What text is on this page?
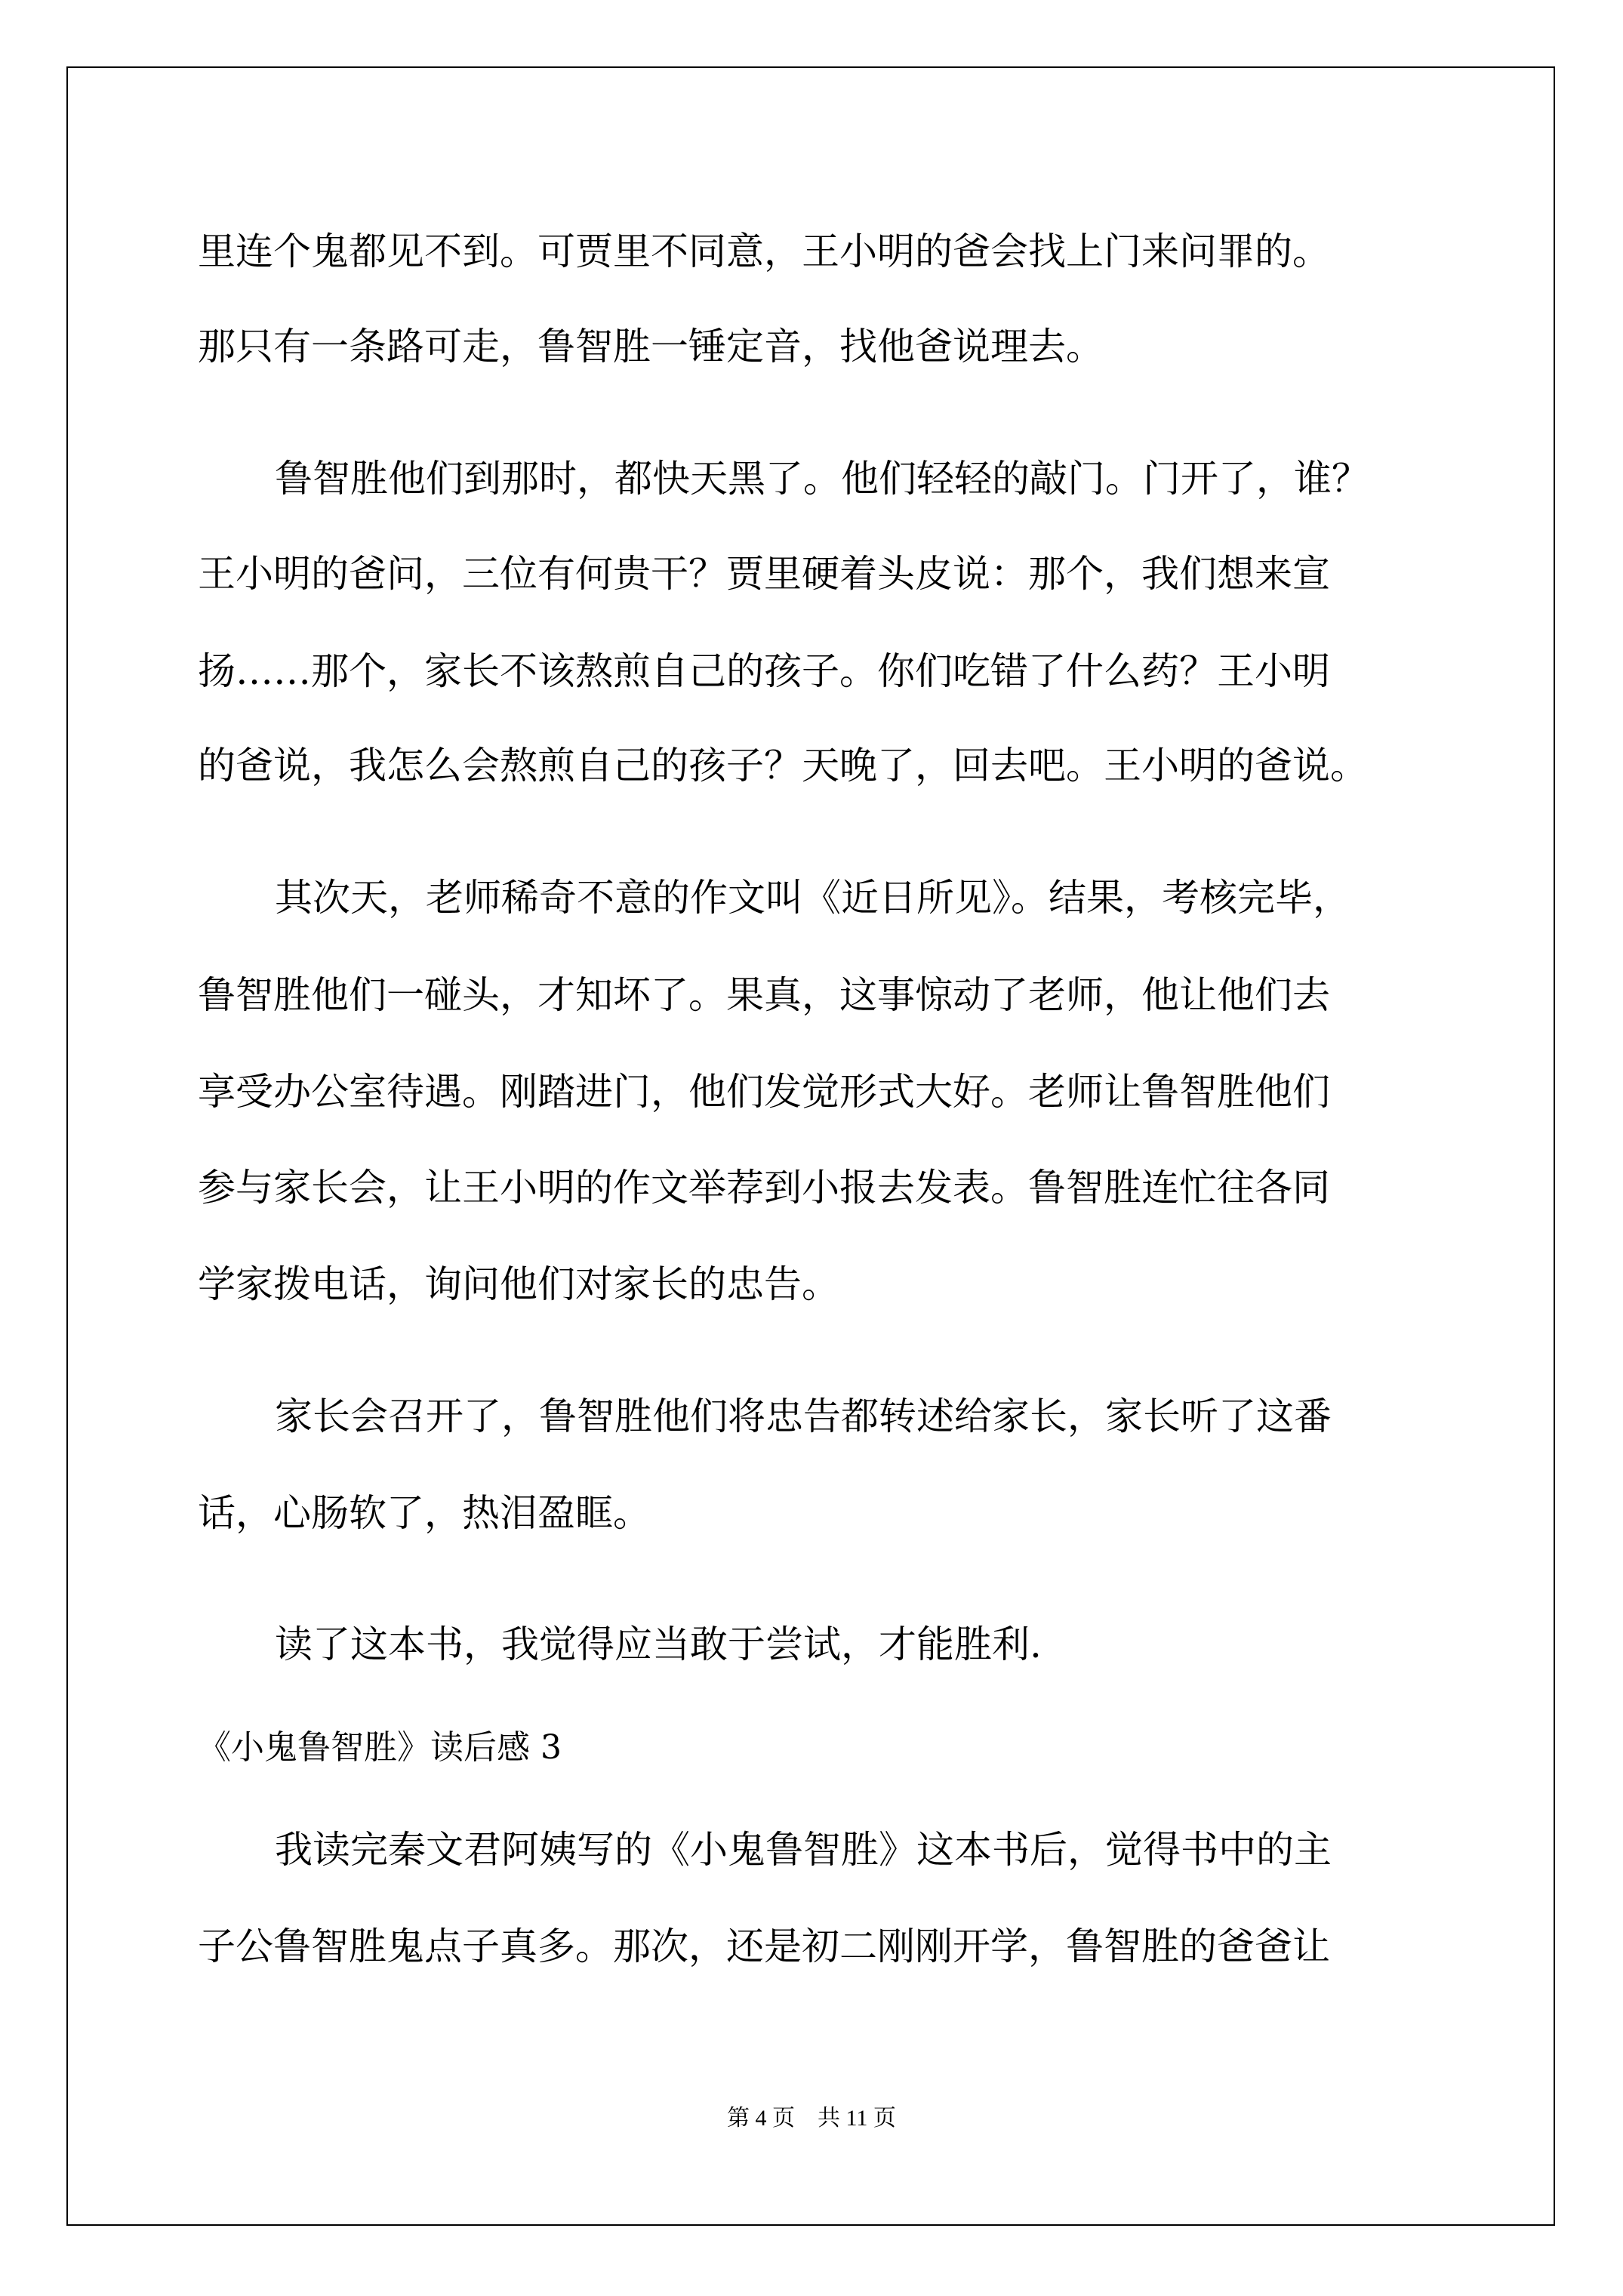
里连个鬼都见不到。可贾里不同意，王小明的爸会找上门来问罪的。
那只有一条路可走，鲁智胜一锤定音，找他爸说理去。
鲁智胜他们到那时，都快天黑了。他们轻轻的敲门。门开了，谁？
王小明的爸问，三位有何贵干？贾里硬着头皮说：那个，我们想来宣
扬……那个，家长不该熬煎自己的孩子。你们吃错了什么药？王小明
的爸说，我怎么会熬煎自己的孩子？天晚了，回去吧。王小明的爸说。
其次天，老师稀奇不意的作文叫《近日所见》。结果，考核完毕，
鲁智胜他们一碰头，才知坏了。果真，这事惊动了老师，他让他们去
享受办公室待遇。刚踏进门，他们发觉形式大好。老师让鲁智胜他们
参与家长会，让王小明的作文举荐到小报去发表。鲁智胜连忙往各同
学家拨电话，询问他们对家长的忠告。
家长会召开了，鲁智胜他们将忠告都转述给家长，家长听了这番
话，心肠软了，热泪盈眶。
读了这本书，我觉得应当敢于尝试，才能胜利.
《小鬼鲁智胜》读后感 3
我读完秦文君阿姨写的《小鬼鲁智胜》这本书后，觉得书中的主
子公鲁智胜鬼点子真多。那次，还是初二刚刚开学，鲁智胜的爸爸让
第 4 页　共 11 页
